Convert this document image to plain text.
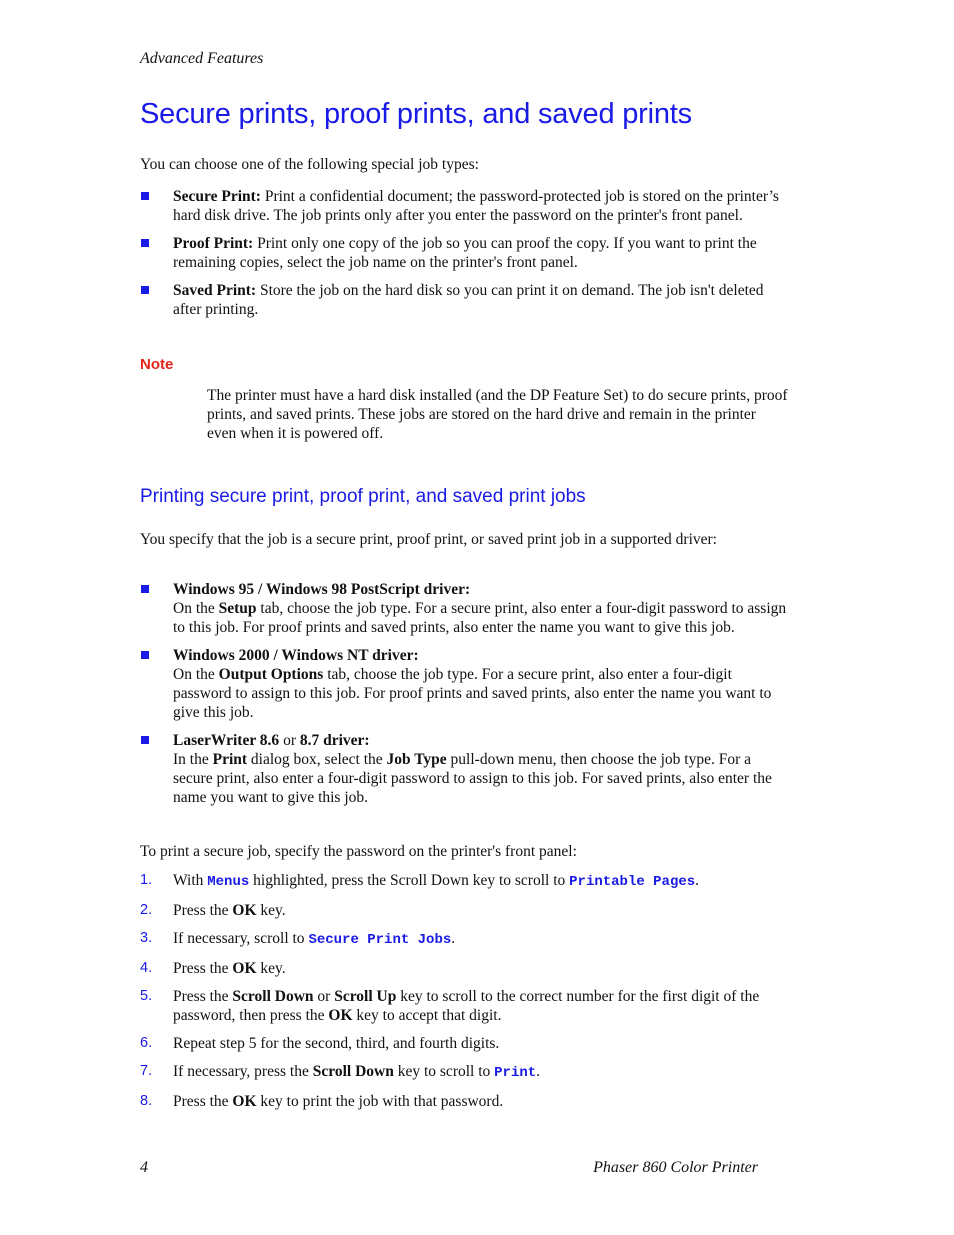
Advanced Features
Secure prints, proof prints, and saved prints
You can choose one of the following special job types:
Secure Print: Print a confidential document; the password-protected job is stored on the printer’s hard disk drive. The job prints only after you enter the password on the printer's front panel.
Proof Print: Print only one copy of the job so you can proof the copy. If you want to print the remaining copies, select the job name on the printer's front panel.
Saved Print: Store the job on the hard disk so you can print it on demand. The job isn't deleted after printing.
Note
The printer must have a hard disk installed (and the DP Feature Set) to do secure prints, proof prints, and saved prints. These jobs are stored on the hard drive and remain in the printer even when it is powered off.
Printing secure print, proof print, and saved print jobs
You specify that the job is a secure print, proof print, or saved print job in a supported driver:
Windows 95 / Windows 98 PostScript driver:
On the Setup tab, choose the job type. For a secure print, also enter a four-digit password to assign to this job. For proof prints and saved prints, also enter the name you want to give this job.
Windows 2000 / Windows NT driver:
On the Output Options tab, choose the job type. For a secure print, also enter a four-digit password to assign to this job. For proof prints and saved prints, also enter the name you want to give this job.
LaserWriter 8.6 or 8.7 driver:
In the Print dialog box, select the Job Type pull-down menu, then choose the job type. For a secure print, also enter a four-digit password to assign to this job. For saved prints, also enter the name you want to give this job.
To print a secure job, specify the password on the printer's front panel:
1. With Menus highlighted, press the Scroll Down key to scroll to Printable Pages.
2. Press the OK key.
3. If necessary, scroll to Secure Print Jobs.
4. Press the OK key.
5. Press the Scroll Down or Scroll Up key to scroll to the correct number for the first digit of the password, then press the OK key to accept that digit.
6. Repeat step 5 for the second, third, and fourth digits.
7. If necessary, press the Scroll Down key to scroll to Print.
8. Press the OK key to print the job with that password.
4	Phaser 860 Color Printer
